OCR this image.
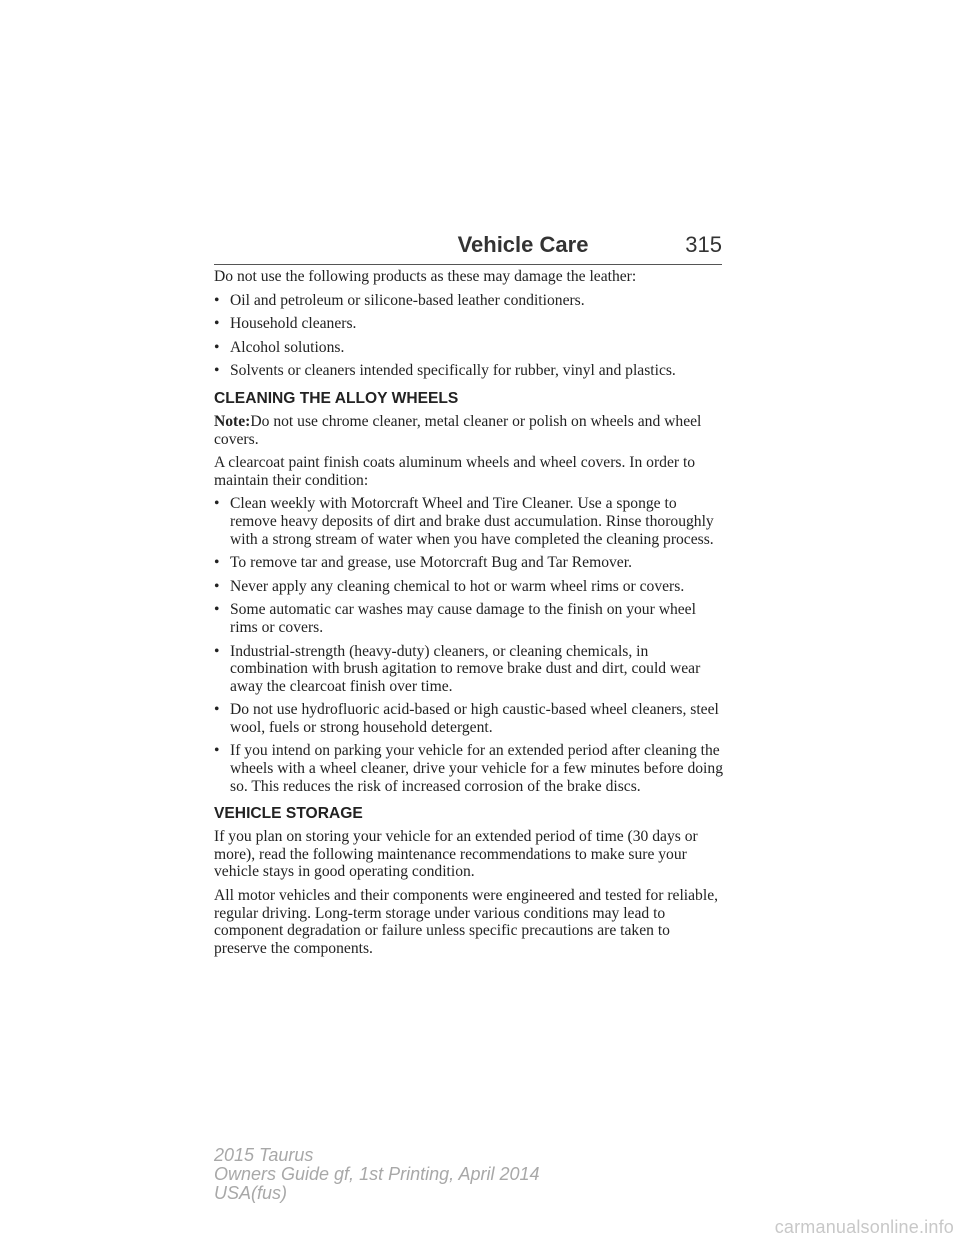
Vehicle Care	315

Do not use the following products as these may damage the leather:

• Oil and petroleum or silicone-based leather conditioners.
• Household cleaners.
• Alcohol solutions.
• Solvents or cleaners intended specifically for rubber, vinyl and plastics.
CLEANING THE ALLOY WHEELS

Note:Do not use chrome cleaner, metal cleaner or polish on wheels and wheel covers.

A clearcoat paint finish coats aluminum wheels and wheel covers. In order to maintain their condition:

• Clean weekly with Motorcraft Wheel and Tire Cleaner. Use a sponge to remove heavy deposits of dirt and brake dust accumulation. Rinse thoroughly with a strong stream of water when you have completed the cleaning process.
• To remove tar and grease, use Motorcraft Bug and Tar Remover.
• Never apply any cleaning chemical to hot or warm wheel rims or covers.
• Some automatic car washes may cause damage to the finish on your wheel rims or covers.
• Industrial-strength (heavy-duty) cleaners, or cleaning chemicals, in combination with brush agitation to remove brake dust and dirt, could wear away the clearcoat finish over time.
• Do not use hydrofluoric acid-based or high caustic-based wheel cleaners, steel wool, fuels or strong household detergent.
• If you intend on parking your vehicle for an extended period after cleaning the wheels with a wheel cleaner, drive your vehicle for a few minutes before doing so. This reduces the risk of increased corrosion of the brake discs.
VEHICLE STORAGE

If you plan on storing your vehicle for an extended period of time (30 days or more), read the following maintenance recommendations to make sure your vehicle stays in good operating condition.

All motor vehicles and their components were engineered and tested for reliable, regular driving. Long-term storage under various conditions may lead to component degradation or failure unless specific precautions are taken to preserve the components.

2015 Taurus
Owners Guide gf, 1st Printing, April 2014
USA(fus)
carmanualsonline.info
